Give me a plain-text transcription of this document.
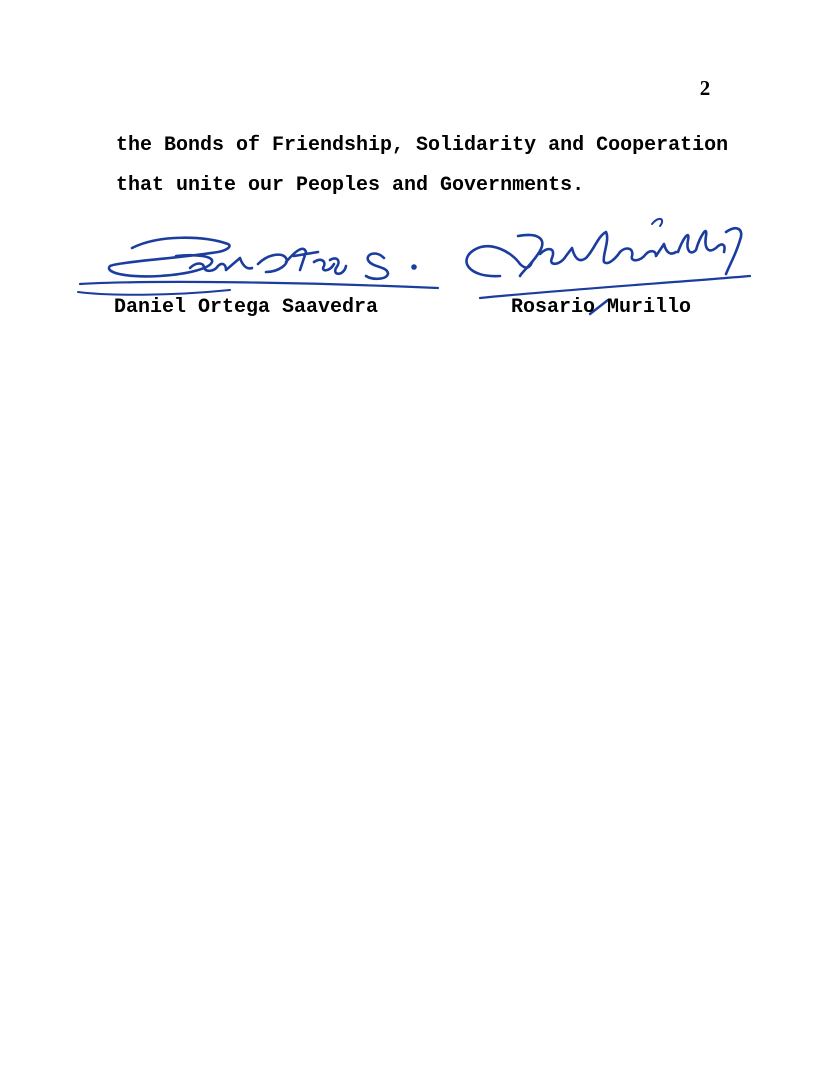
2
the Bonds of Friendship, Solidarity and Cooperation
that unite our Peoples and Governments.
Daniel Ortega Saavedra	Rosario Murillo
